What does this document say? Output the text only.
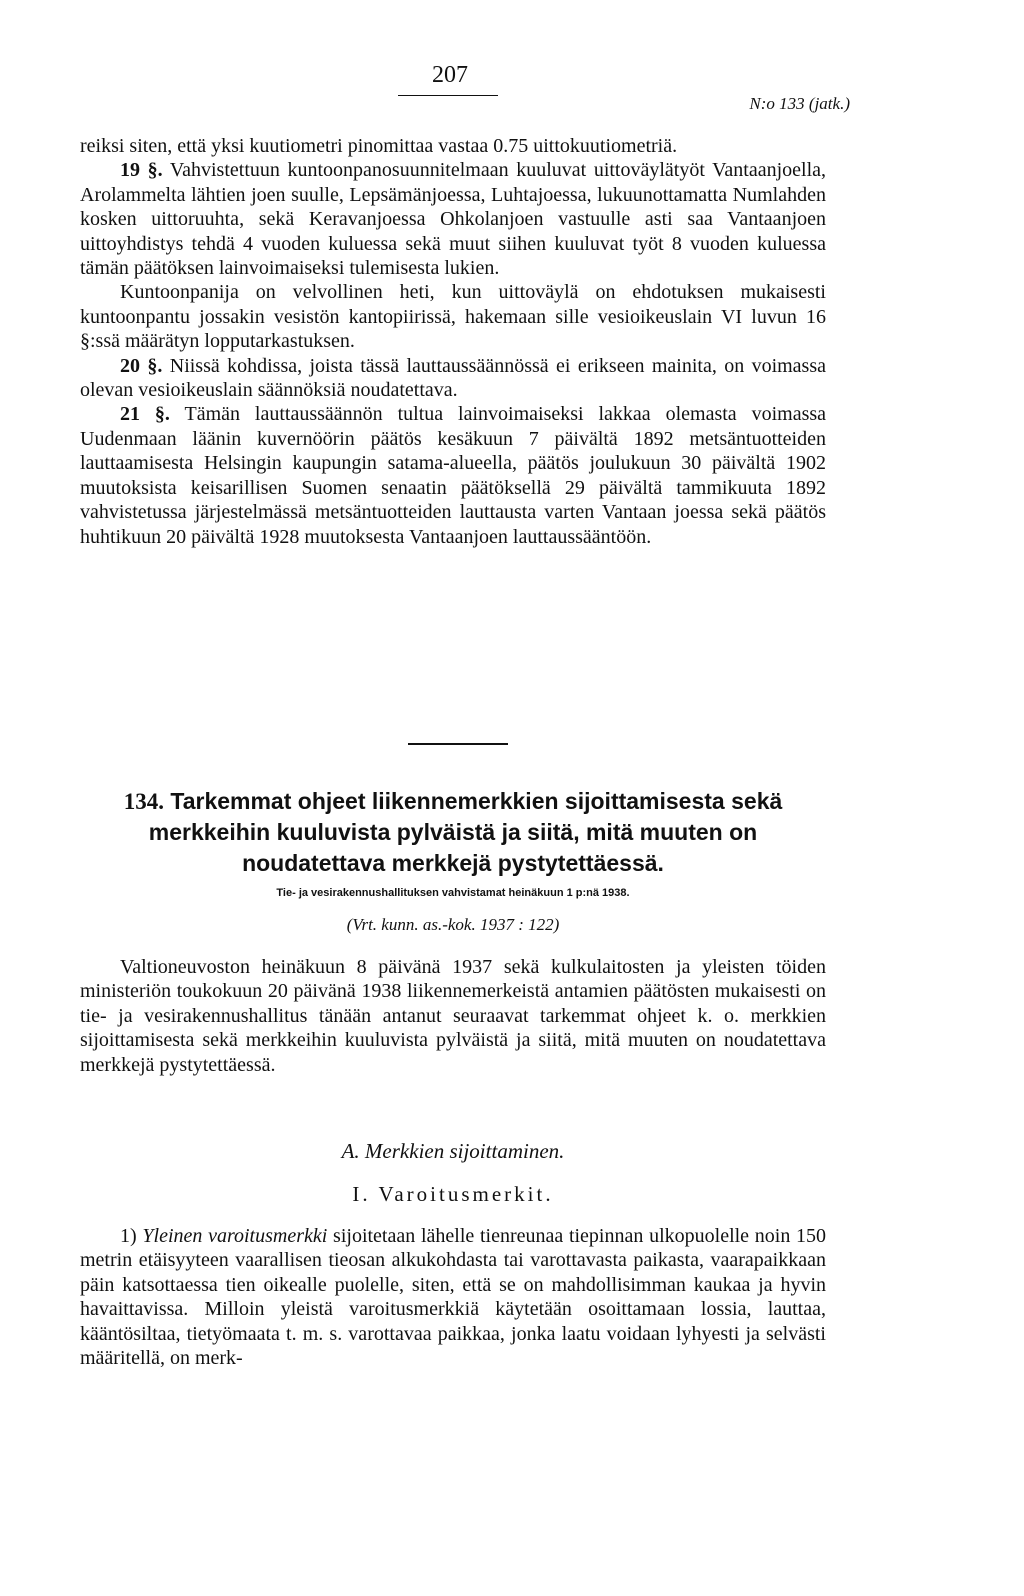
207
N:o 133 (jatk.)

reiksi siten, että yksi kuutiometri pinomittaa vastaa 0.75 uittokuutiometriä.

19 §. Vahvistettuun kuntoonpanosuunnitelmaan kuuluvat uittoväylätyöt Vantaanjoella, Arolammelta lähtien joen suulle, Lepsämänjoessa, Luhtajoessa, lukuunottamatta Numlahden kosken uittoruuhta, sekä Keravanjoessa Ohkolanjoen vastuulle asti saa Vantaanjoen uittoyhdistys tehdä 4 vuoden kuluessa sekä muut siihen kuuluvat työt 8 vuoden kuluessa tämän päätöksen lainvoimaiseksi tulemisesta lukien.

Kuntoonpanija on velvollinen heti, kun uittoväylä on ehdotuksen mukaisesti kuntoonpantu jossakin vesistön kantopiirissä, hakemaan sille vesioikeuslain VI luvun 16 §:ssä määrätyn lopputarkastuksen.

20 §. Niissä kohdissa, joista tässä lauttaussäännössä ei erikseen mainita, on voimassa olevan vesioikeuslain säännöksiä noudatettava.

21 §. Tämän lauttaussäännön tultua lainvoimaiseksi lakkaa olemasta voimassa Uudenmaan läänin kuvernöörin päätös kesäkuun 7 päivältä 1892 metsäntuotteiden lauttaamisesta Helsingin kaupungin satama-alueella, päätös joulukuun 30 päivältä 1902 muutoksista keisarillisen Suomen senaatin päätöksellä 29 päivältä tammikuuta 1892 vahvistetussa järjestelmässä metsäntuotteiden lauttausta varten Vantaan joessa sekä päätös huhtikuun 20 päivältä 1928 muutoksesta Vantaanjoen lauttaussääntöön.

134. Tarkemmat ohjeet liikennemerkkien sijoittamisesta sekä merkkeihin kuuluvista pylväistä ja siitä, mitä muuten on noudatettava merkkejä pystytettäessä.
Tie- ja vesirakennushallituksen vahvistamat heinäkuun 1 p:nä 1938.
(Vrt. kunn. as.-kok. 1937 : 122)

Valtioneuvoston heinäkuun 8 päivänä 1937 sekä kulkulaitosten ja yleisten töiden ministeriön toukokuun 20 päivänä 1938 liikennemerkeistä antamien päätösten mukaisesti on tie- ja vesirakennushallitus tänään antanut seuraavat tarkemmat ohjeet k. o. merkkien sijoittamisesta sekä merkkeihin kuuluvista pylväistä ja siitä, mitä muuten on noudatettava merkkejä pystytettäessä.

A. Merkkien sijoittaminen.
I. Varoitusmerkit.

1) Yleinen varoitusmerkki sijoitetaan lähelle tienreunaa tiepinnan ulkopuolelle noin 150 metrin etäisyyteen vaarallisen tieosan alkukohdasta tai varottavasta paikasta, vaarapaikkaan päin katsottaessa tien oikealle puolelle, siten, että se on mahdollisimman kaukaa ja hyvin havaittavissa. Milloin yleistä varoitusmerkkiä käytetään osoittamaan lossia, lauttaa, kääntösiltaa, tietyömaata t. m. s. varottavaa paikkaa, jonka laatu voidaan lyhyesti ja selvästi määritellä, on merk-
